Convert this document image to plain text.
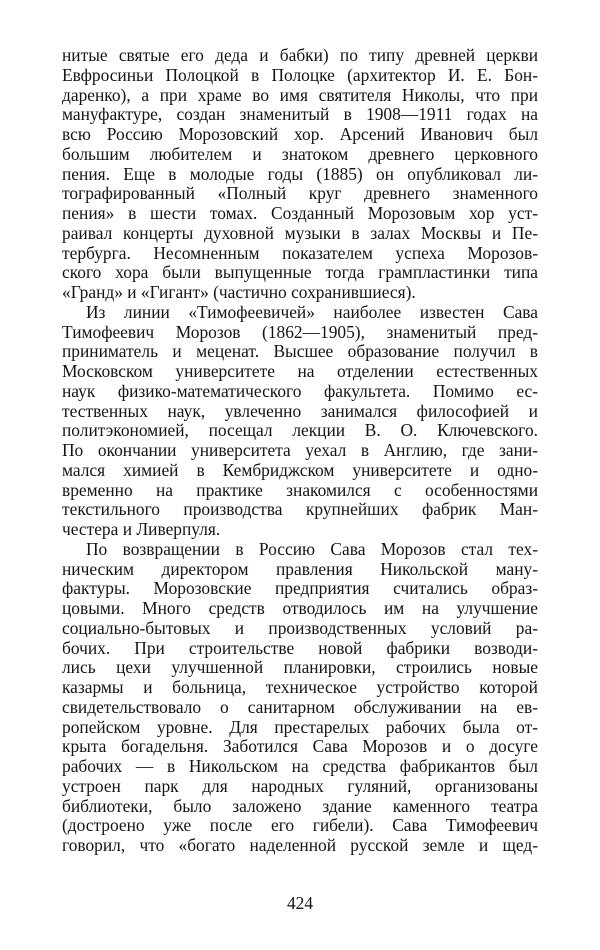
нитые святые его деда и бабки) по типу древней церкви
Евфросиньи Полоцкой в Полоцке (архитектор И. Е. Бон-
даренко), а при храме во имя святителя Николы, что при
мануфактуре, создан знаменитый в 1908—1911 годах на
всю Россию Морозовский хор. Арсений Иванович был
большим любителем и знатоком древнего церковного
пения. Еще в молодые годы (1885) он опубликовал ли-
тографированный «Полный круг древнего знаменного
пения» в шести томах. Созданный Морозовым хор уст-
раивал концерты духовной музыки в залах Москвы и Пе-
тербурга. Несомненным показателем успеха Морозов-
ского хора были выпущенные тогда грампластинки типа
«Гранд» и «Гигант» (частично сохранившиеся).
Из линии «Тимофеевичей» наиболее известен Сава
Тимофеевич Морозов (1862—1905), знаменитый пред-
приниматель и меценат. Высшее образование получил в
Московском университете на отделении естественных
наук физико-математического факультета. Помимо ес-
тественных наук, увлеченно занимался философией и
политэкономией, посещал лекции В. О. Ключевского.
По окончании университета уехал в Англию, где зани-
мался химией в Кембриджском университете и одно-
временно на практике знакомился с особенностями
текстильного производства крупнейших фабрик Ман-
честера и Ливерпуля.
По возвращении в Россию Сава Морозов стал тех-
ническим директором правления Никольской ману-
фактуры. Морозовские предприятия считались образ-
цовыми. Много средств отводилось им на улучшение
социально-бытовых и производственных условий ра-
бочих. При строительстве новой фабрики возводи-
лись цехи улучшенной планировки, строились новые
казармы и больница, техническое устройство которой
свидетельствовало о санитарном обслуживании на ев-
ропейском уровне. Для престарелых рабочих была от-
крыта богадельня. Заботился Сава Морозов и о досуге
рабочих — в Никольском на средства фабрикантов был
устроен парк для народных гуляний, организованы
библиотеки, было заложено здание каменного театра
(достроено уже после его гибели). Сава Тимофеевич
говорил, что «богато наделенной русской земле и щед-
424
